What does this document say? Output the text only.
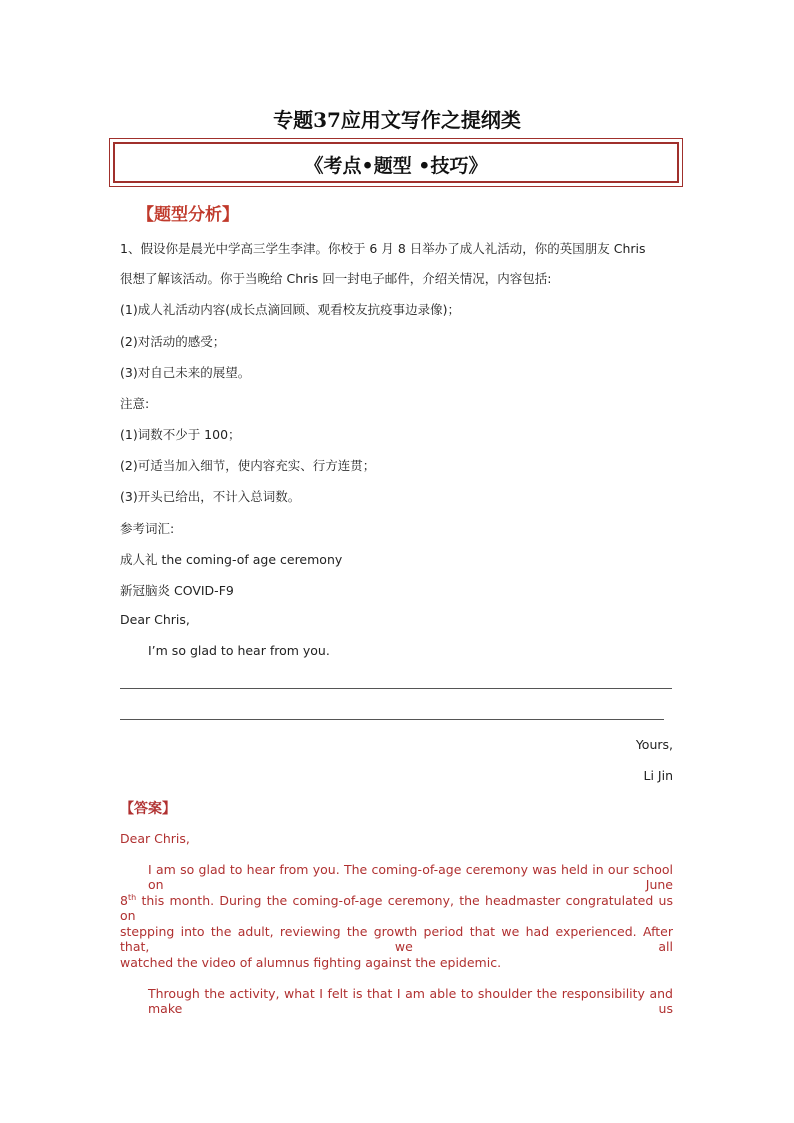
专题37应用文写作之提纲类
《考点•题型 •技巧》
【题型分析】
1、假设你是晨光中学高三学生李津。你校于 6 月 8 日举办了成人礼活动，你的英国朋友 Chris
很想了解该活动。你于当晚给 Chris 回一封电子邮件，介绍关情况，内容包括:
(1)成人礼活动内容(成长点滴回顾、观看校友抗疫事边录像)；
(2)对活动的感受；
(3)对自己未来的展望。
注意:
(1)词数不少于 100；
(2)可适当加入细节，使内容充实、行方连贯；
(3)开头已给出，不计入总词数。
参考词汇:
成人礼 the coming-of age ceremony
新冠脑炎 COVID-F9
Dear Chris,
I’m so glad to hear from you.
Yours,
Li Jin
【答案】
Dear Chris,
I am so glad to hear from you. The coming-of-age ceremony was held in our school on June
8th this month. During the coming-of-age ceremony, the headmaster congratulated us on
stepping into the adult, reviewing the growth period that we had experienced. After that, we all
watched the video of alumnus fighting against the epidemic.
Through the activity, what I felt is that I am able to shoulder the responsibility and make us
